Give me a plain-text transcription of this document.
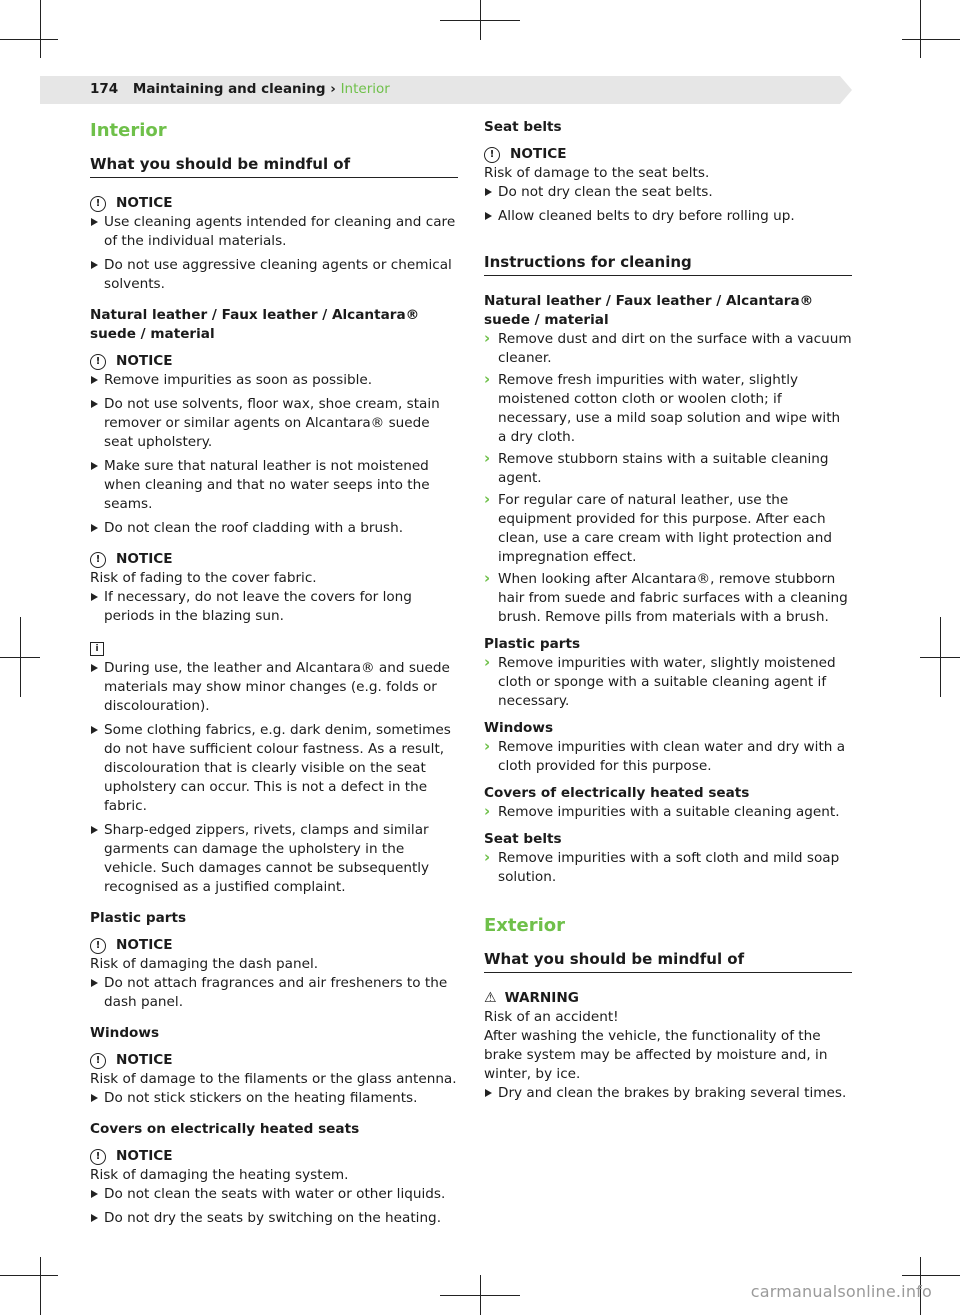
174 Maintaining and cleaning › Interior
Interior
What you should be mindful of
!	NOTICE
Use cleaning agents intended for cleaning and care of the individual materials.
Do not use aggressive cleaning agents or chemical solvents.
Natural leather / Faux leather / Alcantara® suede / material
!	NOTICE
Remove impurities as soon as possible.
Do not use solvents, floor wax, shoe cream, stain remover or similar agents on Alcantara® suede seat upholstery.
Make sure that natural leather is not moistened when cleaning and that no water seeps into the seams.
Do not clean the roof cladding with a brush.
!	NOTICE

Risk of fading to the cover fabric.

If necessary, do not leave the covers for long periods in the blazing sun.
i
During use, the leather and Alcantara® and suede materials may show minor changes (e.g. folds or discolouration).
Some clothing fabrics, e.g. dark denim, sometimes do not have sufficient colour fastness. As a result, discolouration that is clearly visible on the seat upholstery can occur. This is not a defect in the fabric.
Sharp-edged zippers, rivets, clamps and similar garments can damage the upholstery in the vehicle. Such damages cannot be subsequently recognised as a justified complaint.
Plastic parts
!	NOTICE

Risk of damaging the dash panel.

Do not attach fragrances and air fresheners to the dash panel.
Windows
!	NOTICE

Risk of damage to the filaments or the glass antenna.

Do not stick stickers on the heating filaments.
Covers on electrically heated seats
!	NOTICE

Risk of damaging the heating system.

Do not clean the seats with water or other liquids.
Do not dry the seats by switching on the heating.
Seat belts
!	NOTICE

Risk of damage to the seat belts.

Do not dry clean the seat belts.
Allow cleaned belts to dry before rolling up.
Instructions for cleaning
Natural leather / Faux leather / Alcantara® suede / material
› Remove dust and dirt on the surface with a vacuum cleaner.
› Remove fresh impurities with water, slightly moistened cotton cloth or woolen cloth; if necessary, use a mild soap solution and wipe with a dry cloth.
› Remove stubborn stains with a suitable cleaning agent.
› For regular care of natural leather, use the equipment provided for this purpose. After each clean, use a care cream with light protection and impregnation effect.
› When looking after Alcantara®, remove stubborn hair from suede and fabric surfaces with a cleaning brush. Remove pills from materials with a brush.
Plastic parts
› Remove impurities with water, slightly moistened cloth or sponge with a suitable cleaning agent if necessary.
Windows
› Remove impurities with clean water and dry with a cloth provided for this purpose.
Covers of electrically heated seats
› Remove impurities with a suitable cleaning agent.
Seat belts
› Remove impurities with a soft cloth and mild soap solution.
Exterior
What you should be mindful of
⚠ WARNING
Risk of an accident!
After washing the vehicle, the functionality of the brake system may be affected by moisture and, in winter, by ice.
Dry and clean the brakes by braking several times.
carmanualsonline.info
